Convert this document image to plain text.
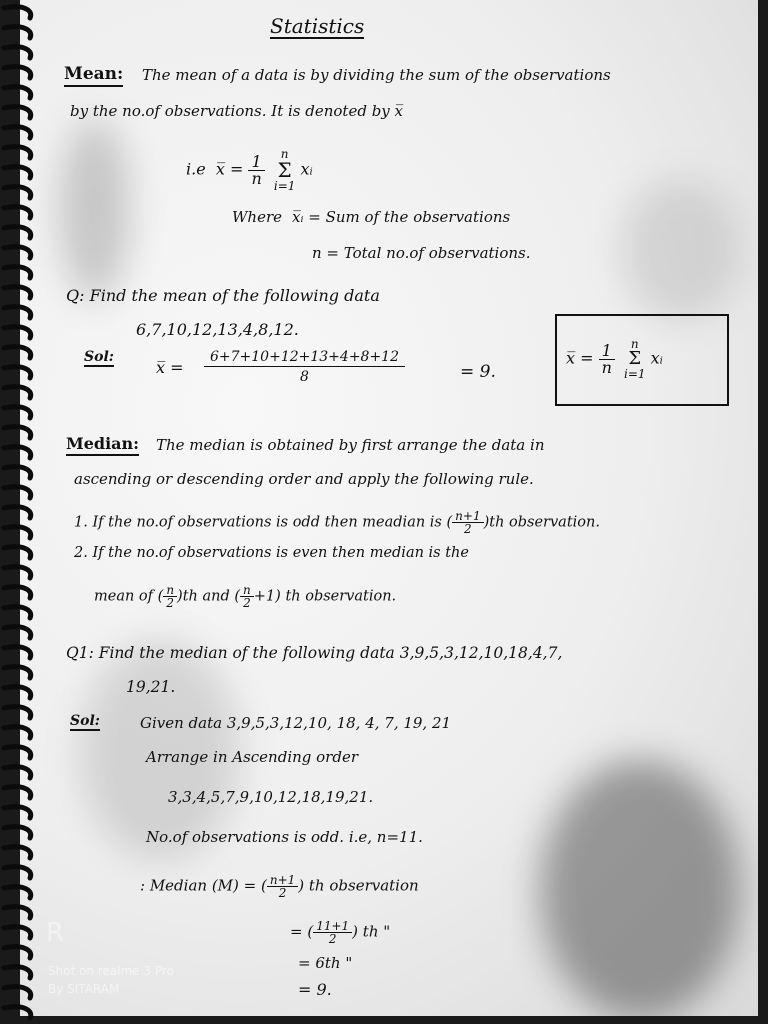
Statistics
Mean: The mean of a data is by dividing the sum of the observations
by the no.of observations. It is denoted by x̅
i.e x̅ = $\frac{1}{n}$
	n
Σ
i=1
xᵢ
Where x̅ᵢ = Sum of the observations
n = Total no.of observations.
Q: Find the mean of the following data
6,7,10,12,13,4,8,12.
Sol:
x̅ = $\frac{6+7+10+12+13+4+8+12}{8}$	= 9.
x̅ = $\frac{1}{n}$
	n
Σ
i=1
xᵢ
Median: The median is obtained by first arrange the data in
ascending or descending order and apply the following rule.
1. If the no.of observations is odd then meadian is ( $\frac{n+1}{2} )th$ observation.
2. If the no.of observations is even then median is the
mean of ( $\frac{n}{2} )th$ and ( $\frac{n}{2} +1$) th observation.
Q1: Find the median of the following data 3,9,5,3,12,10,18,4,7,
19,21.
Sol:	Given data 3,9,5,3,12,10, 18, 4, 7, 19, 21
Arrange in Ascending order
3,3,4,5,7,9,10,12,18,19,21.
No.of observations is odd. i.e, n=11.
: Median (M) = ( $\frac{n+1}{2}$ ) th observation
= ( $\frac{11+1}{2}$ ) th "
= 6th "
= 9.
R
Shot on realme 3 Pro
By SITARAM
